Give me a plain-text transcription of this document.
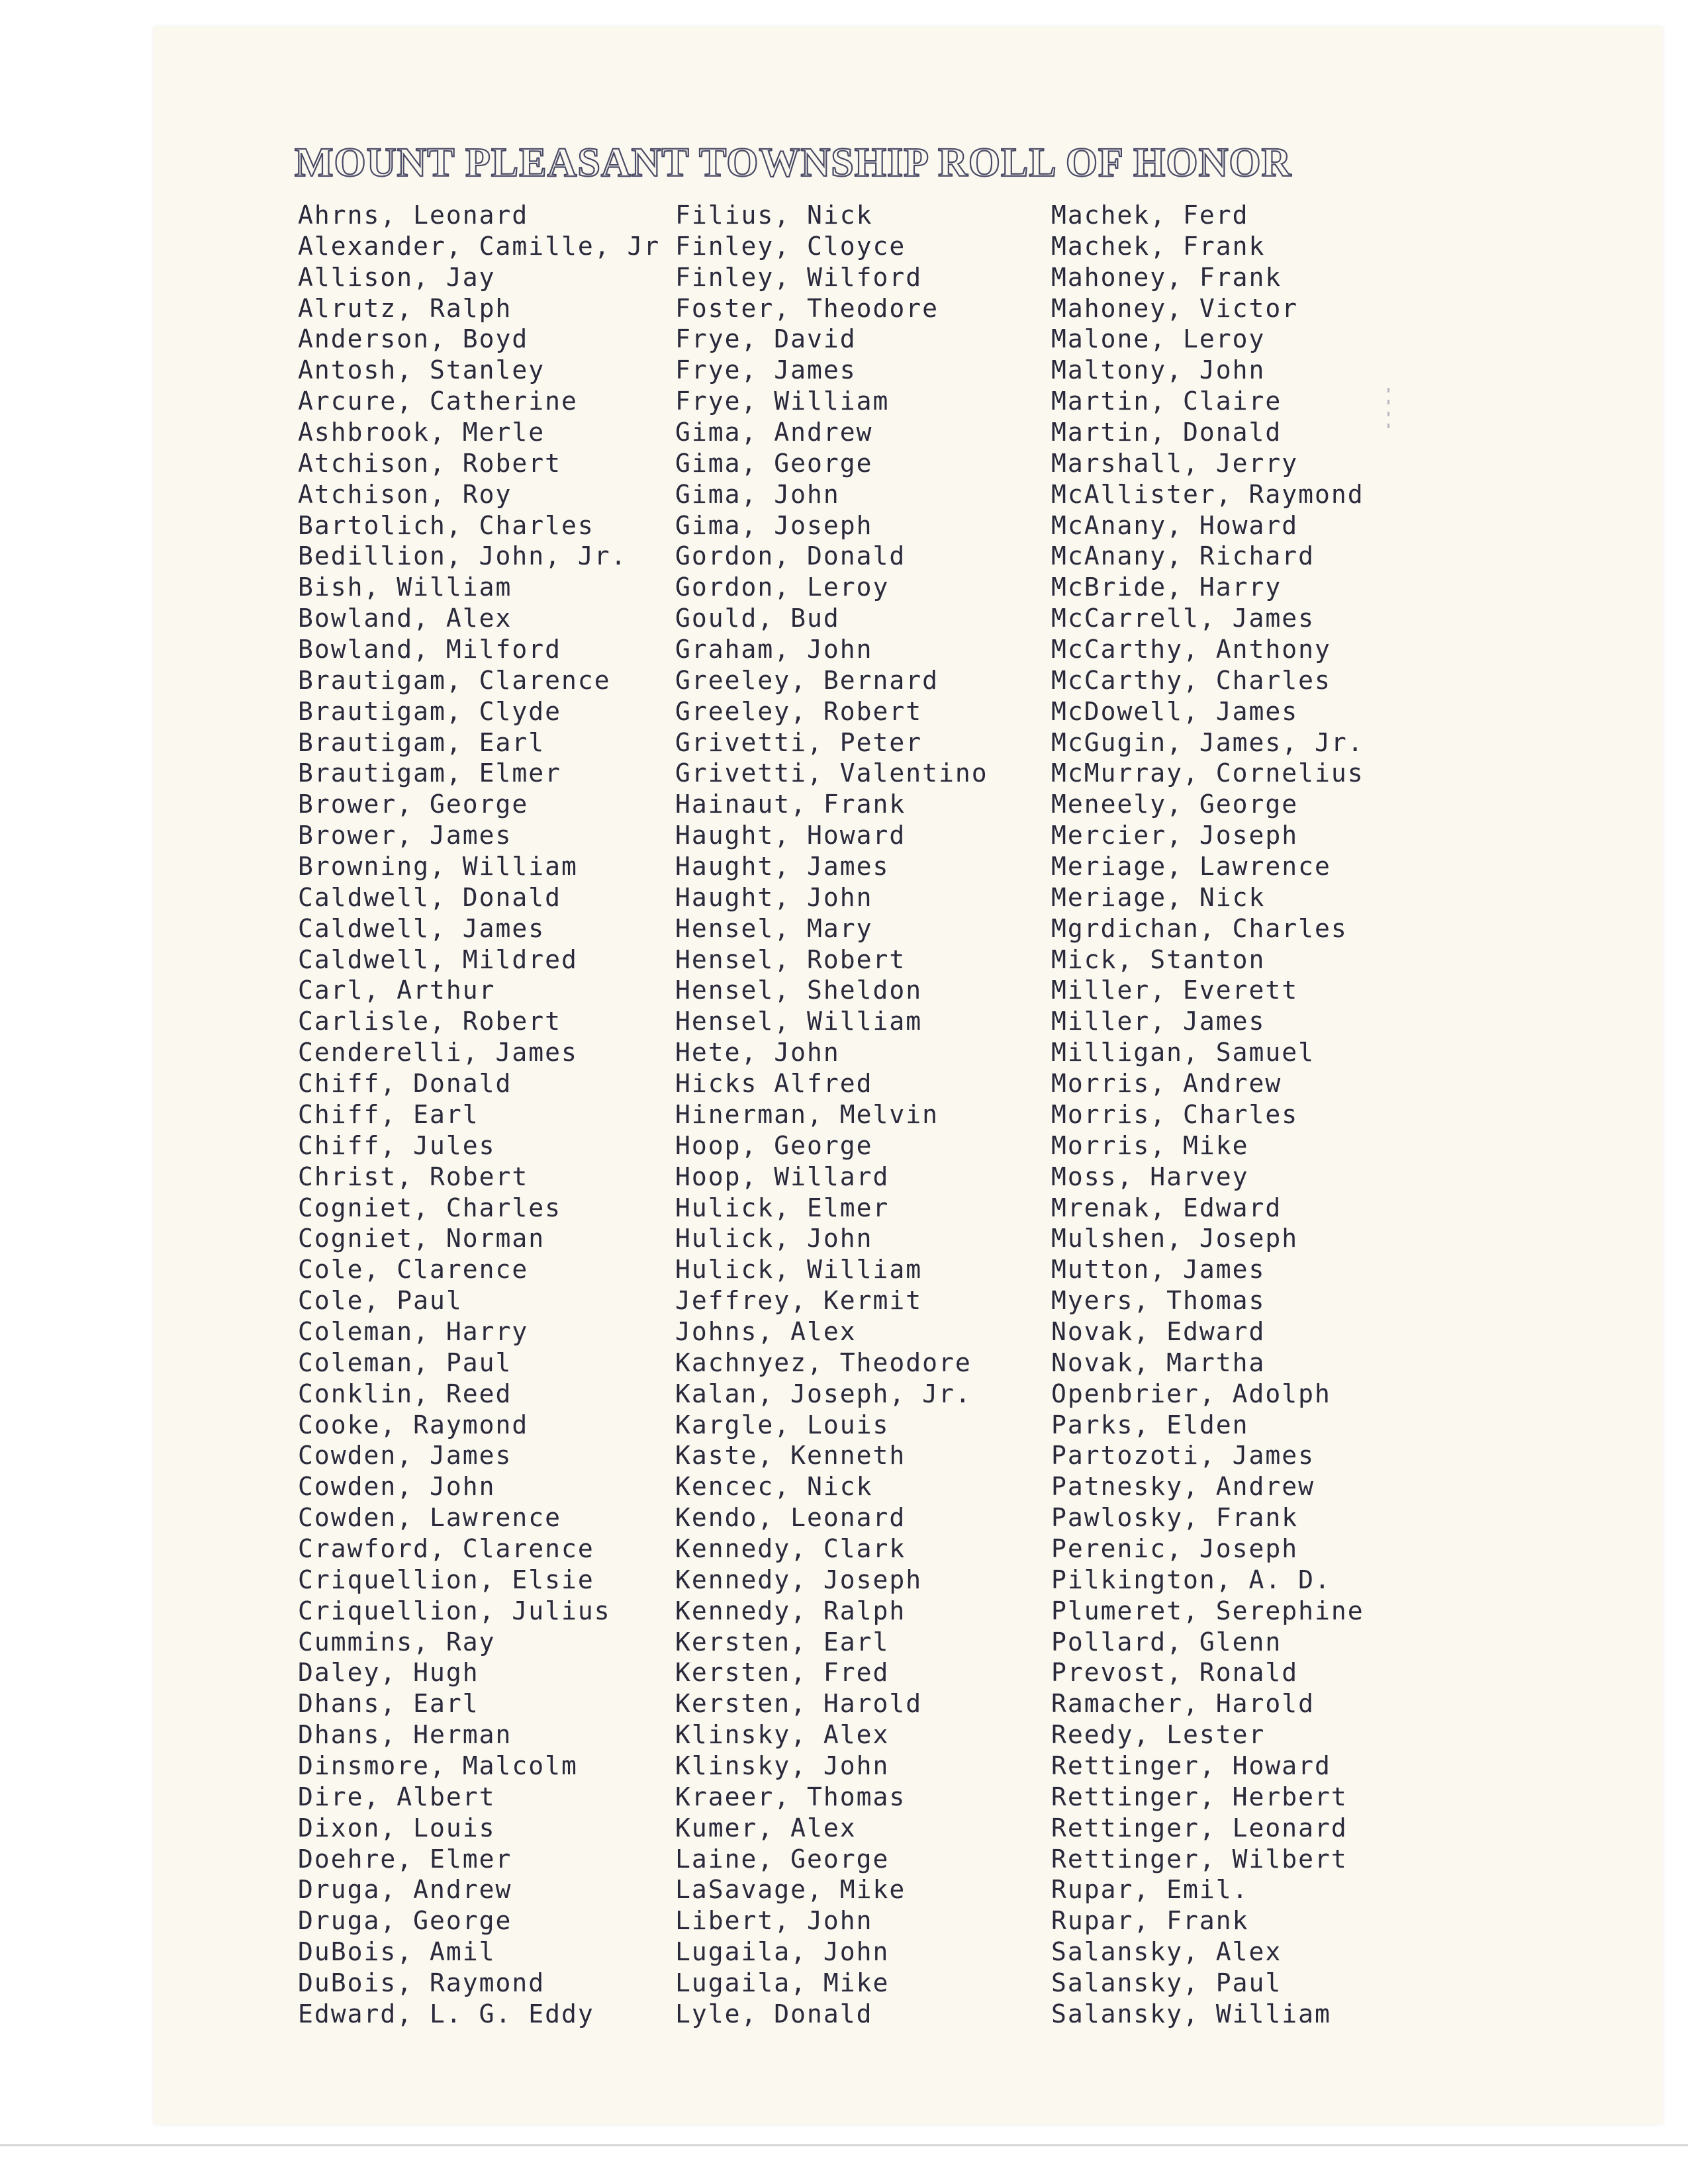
MOUNT PLEASANT TOWNSHIP ROLL OF HONOR
Ahrns, Leonard
Alexander, Camille, Jr
Allison, Jay
Alrutz, Ralph
Anderson, Boyd
Antosh, Stanley
Arcure, Catherine
Ashbrook, Merle
Atchison, Robert
Atchison, Roy
Bartolich, Charles
Bedillion, John, Jr.
Bish, William
Bowland, Alex
Bowland, Milford
Brautigam, Clarence
Brautigam, Clyde
Brautigam, Earl
Brautigam, Elmer
Brower, George
Brower, James
Browning, William
Caldwell, Donald
Caldwell, James
Caldwell, Mildred
Carl, Arthur
Carlisle, Robert
Cenderelli, James
Chiff, Donald
Chiff, Earl
Chiff, Jules
Christ, Robert
Cogniet, Charles
Cogniet, Norman
Cole, Clarence
Cole, Paul
Coleman, Harry
Coleman, Paul
Conklin, Reed
Cooke, Raymond
Cowden, James
Cowden, John
Cowden, Lawrence
Crawford, Clarence
Criquellion, Elsie
Criquellion, Julius
Cummins, Ray
Daley, Hugh
Dhans, Earl
Dhans, Herman
Dinsmore, Malcolm
Dire, Albert
Dixon, Louis
Doehre, Elmer
Druga, Andrew
Druga, George
DuBois, Amil
DuBois, Raymond
Edward, L. G. Eddy
Filius, Nick
Finley, Cloyce
Finley, Wilford
Foster, Theodore
Frye, David
Frye, James
Frye, William
Gima, Andrew
Gima, George
Gima, John
Gima, Joseph
Gordon, Donald
Gordon, Leroy
Gould, Bud
Graham, John
Greeley, Bernard
Greeley, Robert
Grivetti, Peter
Grivetti, Valentino
Hainaut, Frank
Haught, Howard
Haught, James
Haught, John
Hensel, Mary
Hensel, Robert
Hensel, Sheldon
Hensel, William
Hete, John
Hicks Alfred
Hinerman, Melvin
Hoop, George
Hoop, Willard
Hulick, Elmer
Hulick, John
Hulick, William
Jeffrey, Kermit
Johns, Alex
Kachnyez, Theodore
Kalan, Joseph, Jr.
Kargle, Louis
Kaste, Kenneth
Kencec, Nick
Kendo, Leonard
Kennedy, Clark
Kennedy, Joseph
Kennedy, Ralph
Kersten, Earl
Kersten, Fred
Kersten, Harold
Klinsky, Alex
Klinsky, John
Kraeer, Thomas
Kumer, Alex
Laine, George
LaSavage, Mike
Libert, John
Lugaila, John
Lugaila, Mike
Lyle, Donald
Machek, Ferd
Machek, Frank
Mahoney, Frank
Mahoney, Victor
Malone, Leroy
Maltony, John
Martin, Claire
Martin, Donald
Marshall, Jerry
McAllister, Raymond
McAnany, Howard
McAnany, Richard
McBride, Harry
McCarrell, James
McCarthy, Anthony
McCarthy, Charles
McDowell, James
McGugin, James, Jr.
McMurray, Cornelius
Meneely, George
Mercier, Joseph
Meriage, Lawrence
Meriage, Nick
Mgrdichan, Charles
Mick, Stanton
Miller, Everett
Miller, James
Milligan, Samuel
Morris, Andrew
Morris, Charles
Morris, Mike
Moss, Harvey
Mrenak, Edward
Mulshen, Joseph
Mutton, James
Myers, Thomas
Novak, Edward
Novak, Martha
Openbrier, Adolph
Parks, Elden
Partozoti, James
Patnesky, Andrew
Pawlosky, Frank
Perenic, Joseph
Pilkington, A. D.
Plumeret, Serephine
Pollard, Glenn
Prevost, Ronald
Ramacher, Harold
Reedy, Lester
Rettinger, Howard
Rettinger, Herbert
Rettinger, Leonard
Rettinger, Wilbert
Rupar, Emil.
Rupar, Frank
Salansky, Alex
Salansky, Paul
Salansky, William
